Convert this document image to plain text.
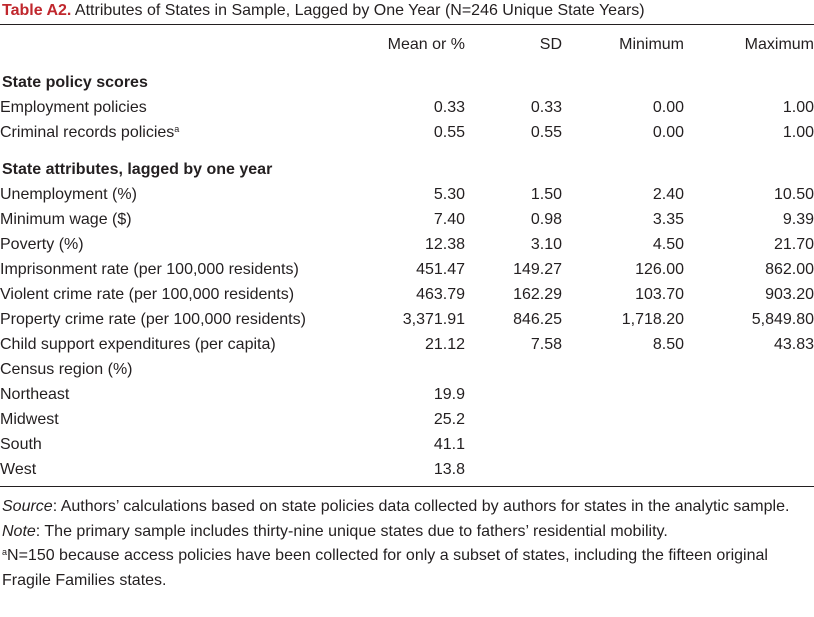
Table A2. Attributes of States in Sample, Lagged by One Year (N=246 Unique State Years)
	Mean or %	SD	Minimum	Maximum

State policy scores				
Employment policies	0.33	0.33	0.00	1.00
Criminal records policies$^a$	0.55	0.55	0.00	1.00

State attributes, lagged by one year				
Unemployment (%)	5.30	1.50	2.40	10.50
Minimum wage ($)	7.40	0.98	3.35	9.39
Poverty (%)	12.38	3.10	4.50	21.70
Imprisonment rate (per 100,000 residents)	451.47	149.27	126.00	862.00
Violent crime rate (per 100,000 residents)	463.79	162.29	103.70	903.20
Property crime rate (per 100,000 residents)	3,371.91	846.25	1,718.20	5,849.80
Child support expenditures (per capita)	21.12	7.58	8.50	43.83
Census region (%)				
Northeast	19.9			
Midwest	25.2			
South	41.1			
West	13.8			

Source: Authors’ calculations based on state policies data collected by authors for states in the analytic sample.

Note: The primary sample includes thirty-nine unique states due to fathers’ residential mobility.

$^a$N=150 because access policies have been collected for only a subset of states, including the fifteen original Fragile Families states.
